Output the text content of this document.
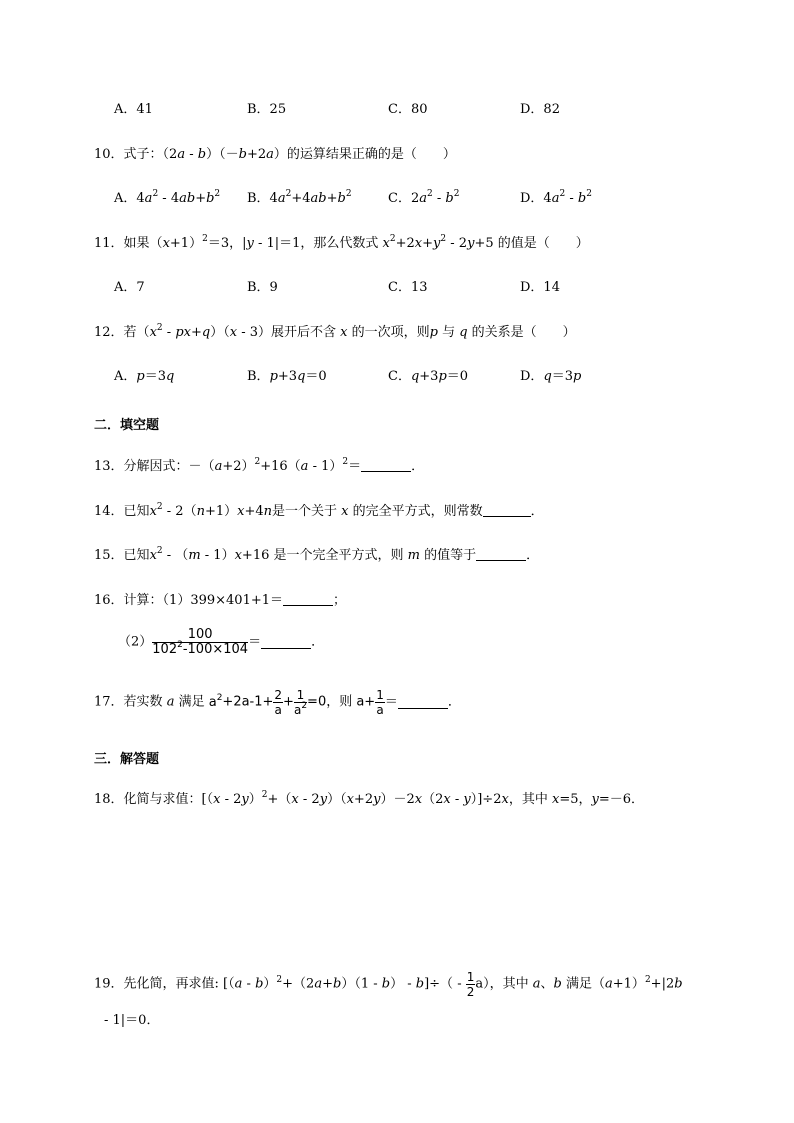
A．41	B．25	C．80	D．82
10．式子：（2a - b）（－b+2a）的运算结果正确的是（　　）
A．$4a^2 - 4ab+b^2$ B．$4a^2+4ab+b^2$	C．$2a^2 - b^2$	D．$4a^2 - b^2$
11．如果$(x+1)^2=3$，|y - 1|＝1，那么代数式 $x^2+2x+y^2 - 2y+5$ 的值是（　　）
A．7	B．9	C．13	D．14
12．若$(x^2 - px+q)(x - 3)$展开后不含 x 的一次项，则p 与 q 的关系是（　　）
A．p＝3q	B．p+3q＝0	C．q+3p＝0	D．q＝3p
二．填空题
13．分解因式：$-(a+2)^2+16(a - 1)^2=$	．
14．已知$x^2 - 2(n+1)x+4n$是一个关于 x 的完全平方式，则常数	．
15．已知$x^2 - (m - 1)x+16$ 是一个完全平方式，则 m 的值等于	．
16．计算：（1）399×401+1＝	；
$(2) \frac{100}{102^2-100\times 104}$ ＝	．
17．若实数 a 满足 $a^2+2a-1+ \frac{2}{a} + \frac{1}{a^2} =0$，则 $a+ \frac{1}{a}$ ＝	．
三．解答题
18．化简与求值：[（x - 2y）$^2$+（x - 2y）（x+2y）－2x（2x - y）]÷2x，其中 x=5，y=－6．
19．先化简，再求值: $[(a - b)^2+(2a+b)(1 - b) - b]\div( - \frac{1}{2} a)$，其中 a、b 满足$(a+1)^2+|2b$
- 1|＝0．
